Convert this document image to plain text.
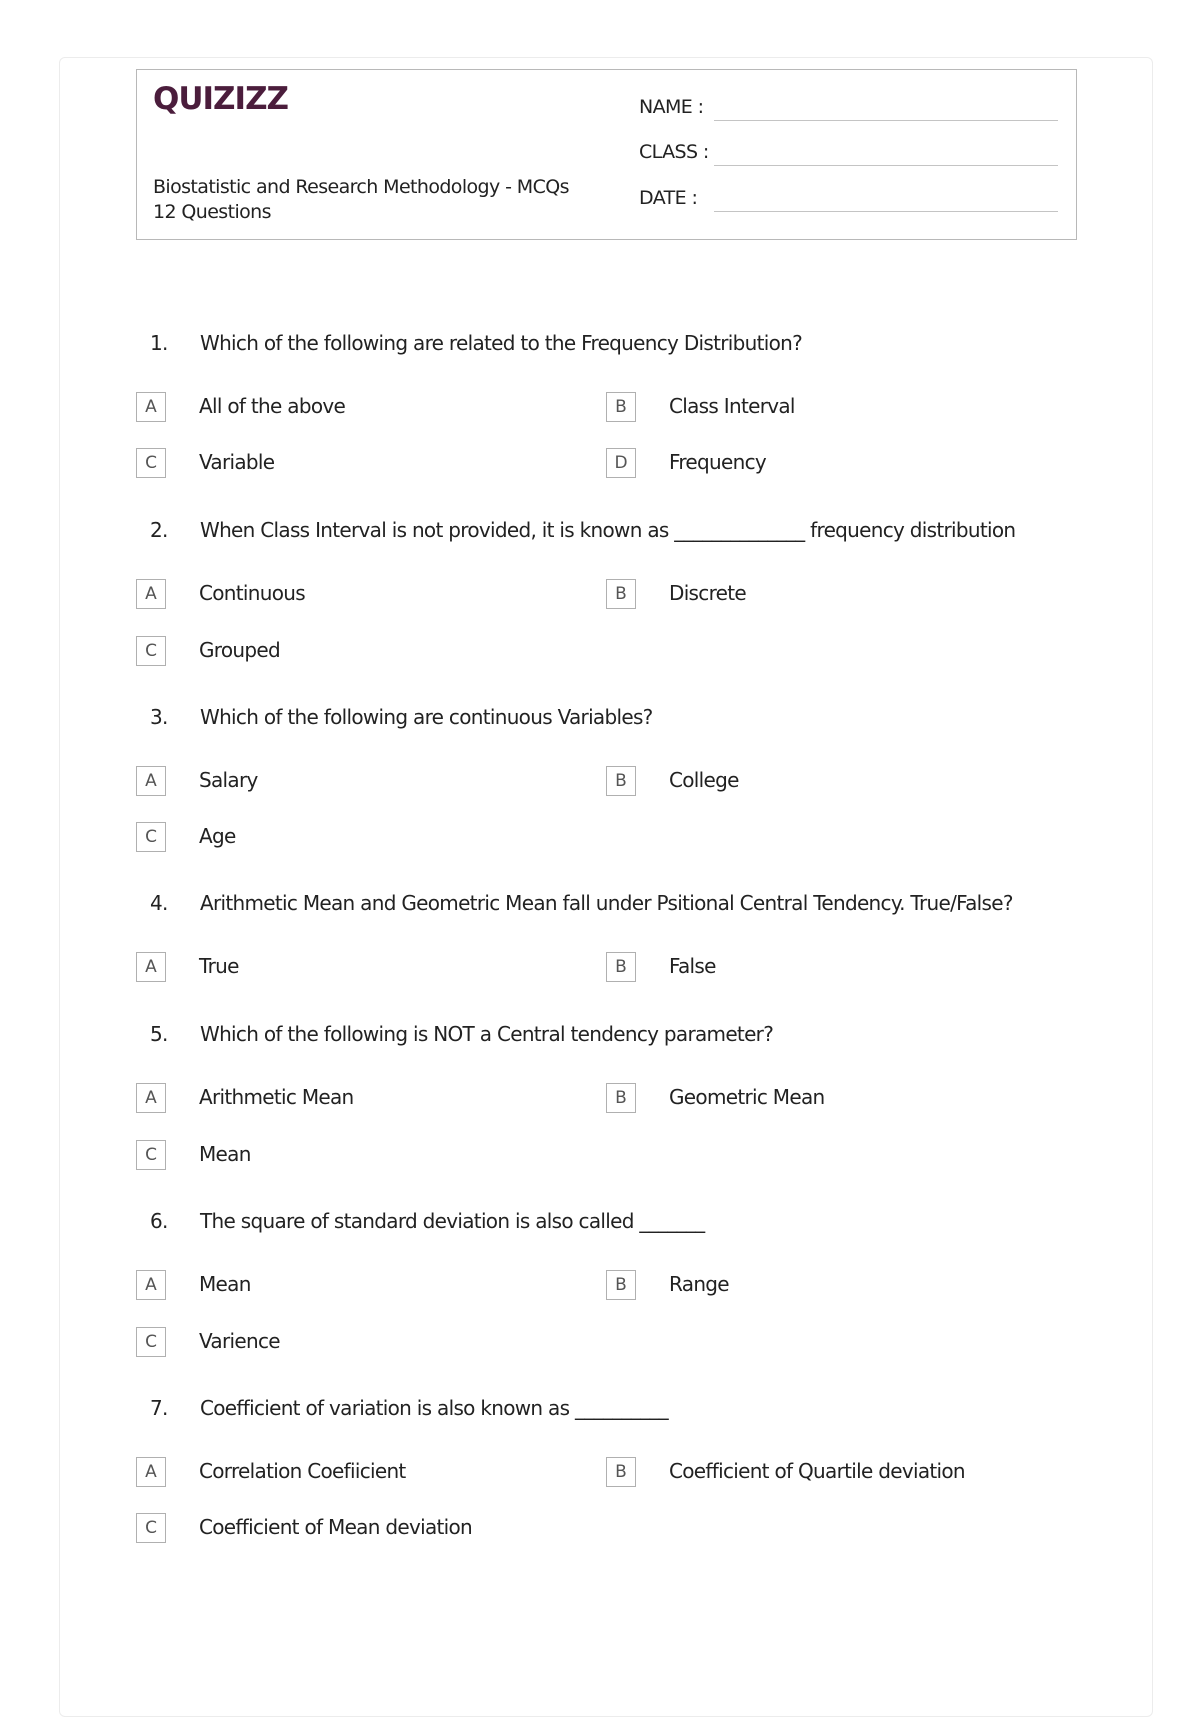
QUIZIZZ
Biostatistic and Research Methodology - MCQs
12 Questions
NAME :
CLASS :
DATE :
1.	Which of the following are related to the Frequency Distribution?
A	All of the above	B	Class Interval
C	Variable	D	Frequency
2.	When Class Interval is not provided, it is known as ______________ frequency distribution
A	Continuous	B	Discrete
C	Grouped
3.	Which of the following are continuous Variables?
A	Salary	B	College
C	Age
4.	Arithmetic Mean and Geometric Mean fall under Psitional Central Tendency. True/False?
A	True	B	False
5.	Which of the following is NOT a Central tendency parameter?
A	Arithmetic Mean	B	Geometric Mean
C	Mean
6.	The square of standard deviation is also called _______
A	Mean	B	Range
C	Varience
7.	Coefficient of variation is also known as __________
A	Correlation Coefiicient	B	Coefficient of Quartile deviation
C	Coefficient of Mean deviation
